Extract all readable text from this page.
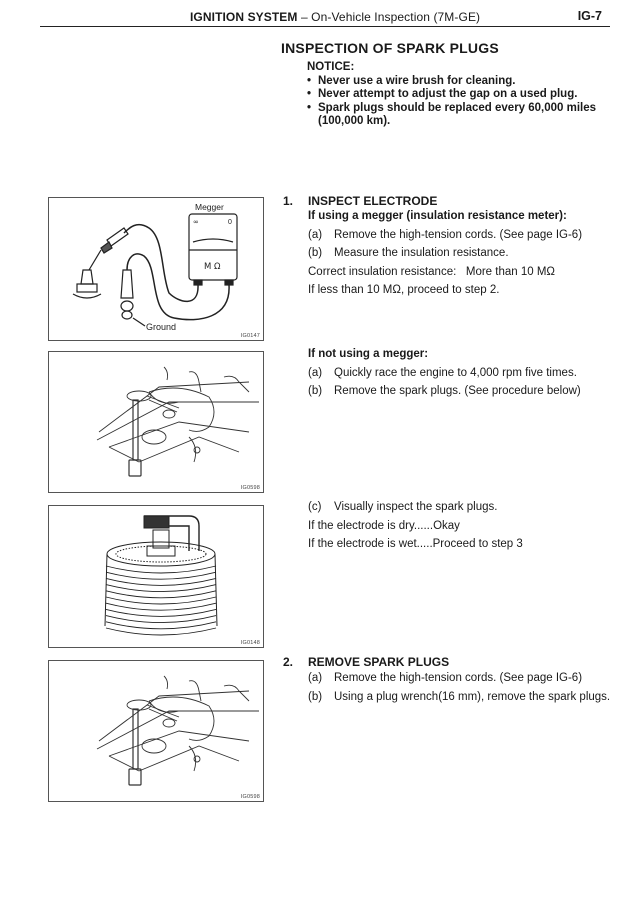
IGNITION SYSTEM – On-Vehicle Inspection (7M-GE)	IG-7
INSPECTION OF SPARK PLUGS
NOTICE:
• Never use a wire brush for cleaning.
• Never attempt to adjust the gap on a used plug.
• Spark plugs should be replaced every 60,000 miles
(100,000 km).
1. INSPECT ELECTRODE
If using a megger (insulation resistance meter):
(a) Remove the high-tension cords. (See page IG-6)
(b) Measure the insulation resistance.
Correct insulation resistance:   More than 10 MΩ
If less than 10 MΩ, proceed to step 2.
If not using a megger:
(a) Quickly race the engine to 4,000 rpm five times.
(b) Remove the spark plugs. (See procedure below)
(c) Visually inspect the spark plugs.
If the electrode is dry......Okay
If the electrode is wet.....Proceed to step 3
2. REMOVE SPARK PLUGS
(a) Remove the high-tension cords. (See page IG-6)
(b) Using a plug wrench(16 mm), remove the spark plugs.
Megger
∞	0
M Ω
Ground
IG0147
IG0598
IG0148
IG0598
